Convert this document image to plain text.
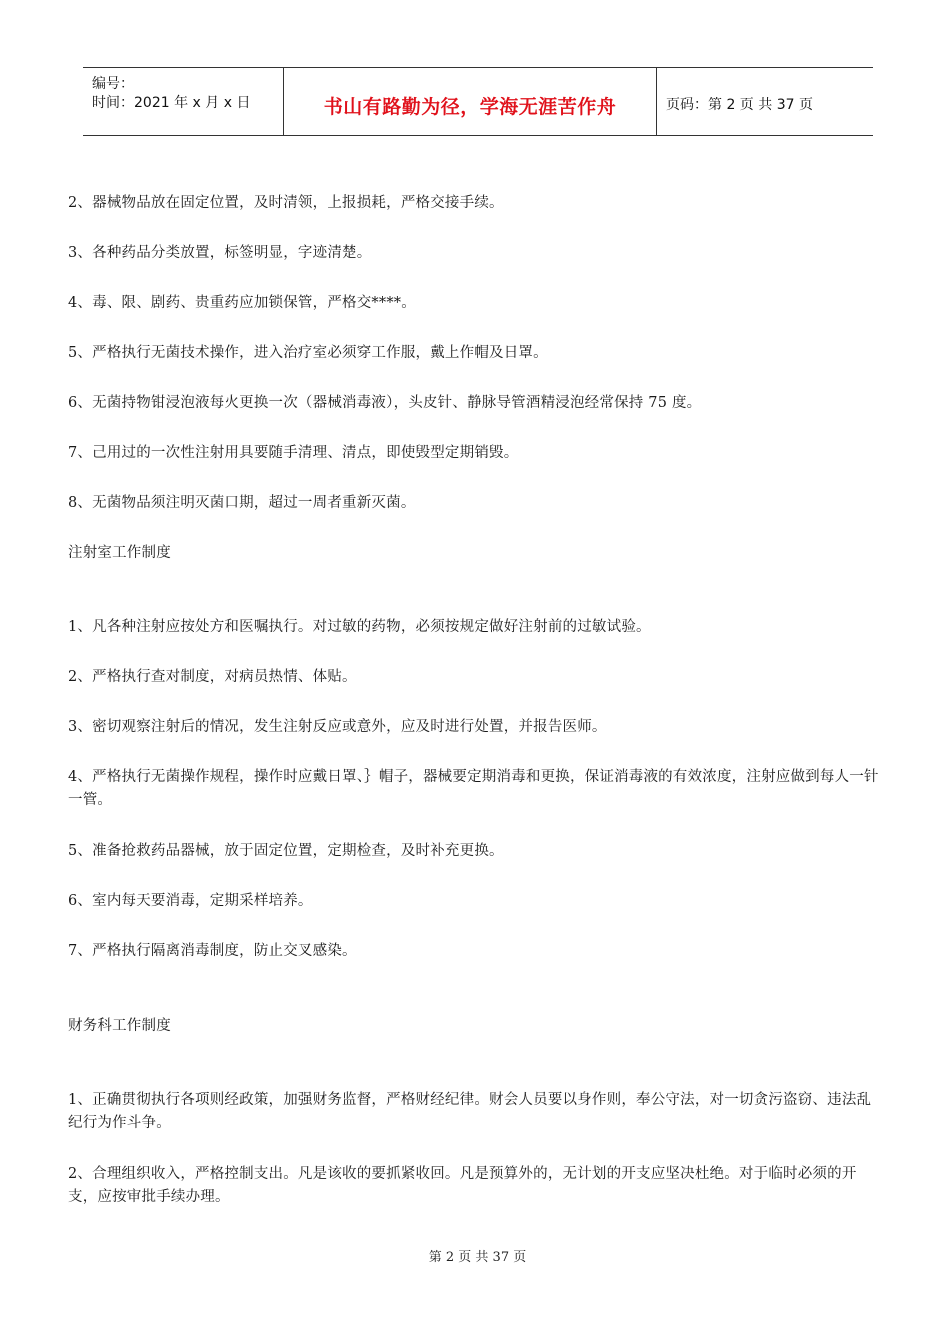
编号：
时间：2021 年 x 月 x 日	书山有路勤为径，学海无涯苦作舟	页码：第 2 页 共 37 页

2、器械物品放在固定位置，及时清领，上报损耗，严格交接手续。

3、各种药品分类放置，标签明显，字迹清楚。

4、毒、限、剧药、贵重药应加锁保管，严格交****。

5、严格执行无菌技术操作，进入治疗室必须穿工作服，戴上作帽及日罩。

6、无菌持物钳浸泡液每火更换一次（器械消毒液），头皮针、静脉导管酒精浸泡经常保持 75 度。

7、己用过的一次性注射用具要随手清理、清点，即使毁型定期销毁。

8、无菌物品须注明灭菌口期，超过一周者重新灭菌。

注射室工作制度

1、凡各种注射应按处方和医嘱执行。对过敏的药物，必须按规定做好注射前的过敏试验。

2、严格执行查对制度，对病员热情、体贴。

3、密切观察注射后的情况，发生注射反应或意外，应及时进行处置，并报告医师。

4、严格执行无菌操作规程，操作时应戴日罩、｝帽子，器械要定期消毒和更换，保证消毒液的有效浓度，注射应做到每人一针一管。

5、准备抢救药品器械，放于固定位置，定期检查，及时补充更换。

6、室内每天要消毒，定期采样培养。

7、严格执行隔离消毒制度，防止交叉感染。

财务科工作制度

1、正确贯彻执行各项则经政策，加强财务监督，严格财经纪律。财会人员要以身作则，奉公守法，对一切贪污盗窃、违法乱纪行为作斗争。

2、合理组织收入，严格控制支出。凡是该收的要抓紧收回。凡是预算外的，无计划的开支应坚决杜绝。对于临时必须的开支，应按审批手续办理。

第 2 页 共 37 页
